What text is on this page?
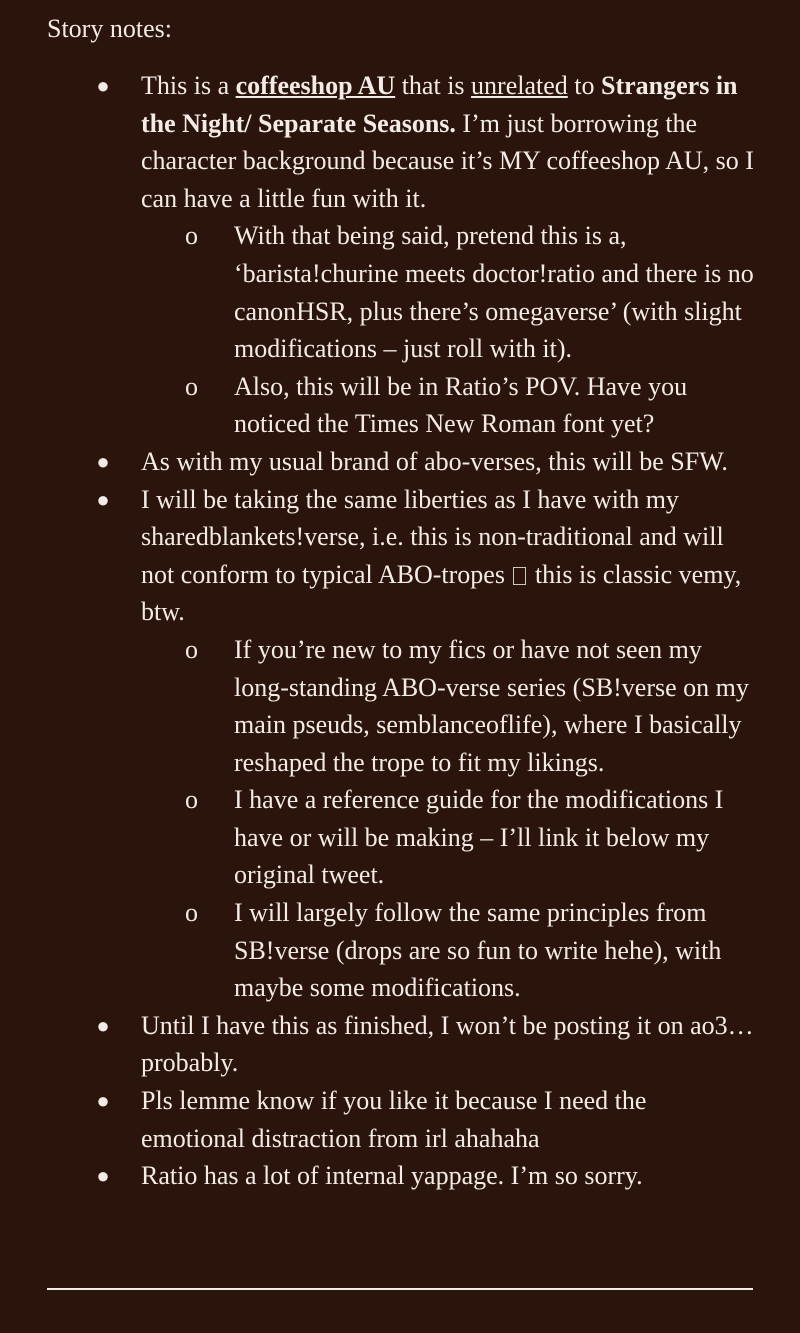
Story notes:

● This is a coffeeshop AU that is unrelated to Strangers in the Night/ Separate Seasons. I’m just borrowing the character background because it’s MY coffeeshop AU, so I can have a little fun with it.
o With that being said, pretend this is a, ‘barista!churine meets doctor!ratio and there is no canonHSR, plus there’s omegaverse’ (with slight modifications – just roll with it).
o Also, this will be in Ratio’s POV. Have you noticed the Times New Roman font yet?
● As with my usual brand of abo-verses, this will be SFW.
● I will be taking the same liberties as I have with my sharedblankets!verse, i.e. this is non-traditional and will not conform to typical ABO-tropes  this is classic vemy, btw.
o If you’re new to my fics or have not seen my long-standing ABO-verse series (SB!verse on my main pseuds, semblanceoflife), where I basically reshaped the trope to fit my likings.
o I have a reference guide for the modifications I have or will be making – I’ll link it below my original tweet.
o I will largely follow the same principles from SB!verse (drops are so fun to write hehe), with maybe some modifications.
● Until I have this as finished, I won’t be posting it on ao3… probably.
● Pls lemme know if you like it because I need the emotional distraction from irl ahahaha
● Ratio has a lot of internal yappage. I’m so sorry.
